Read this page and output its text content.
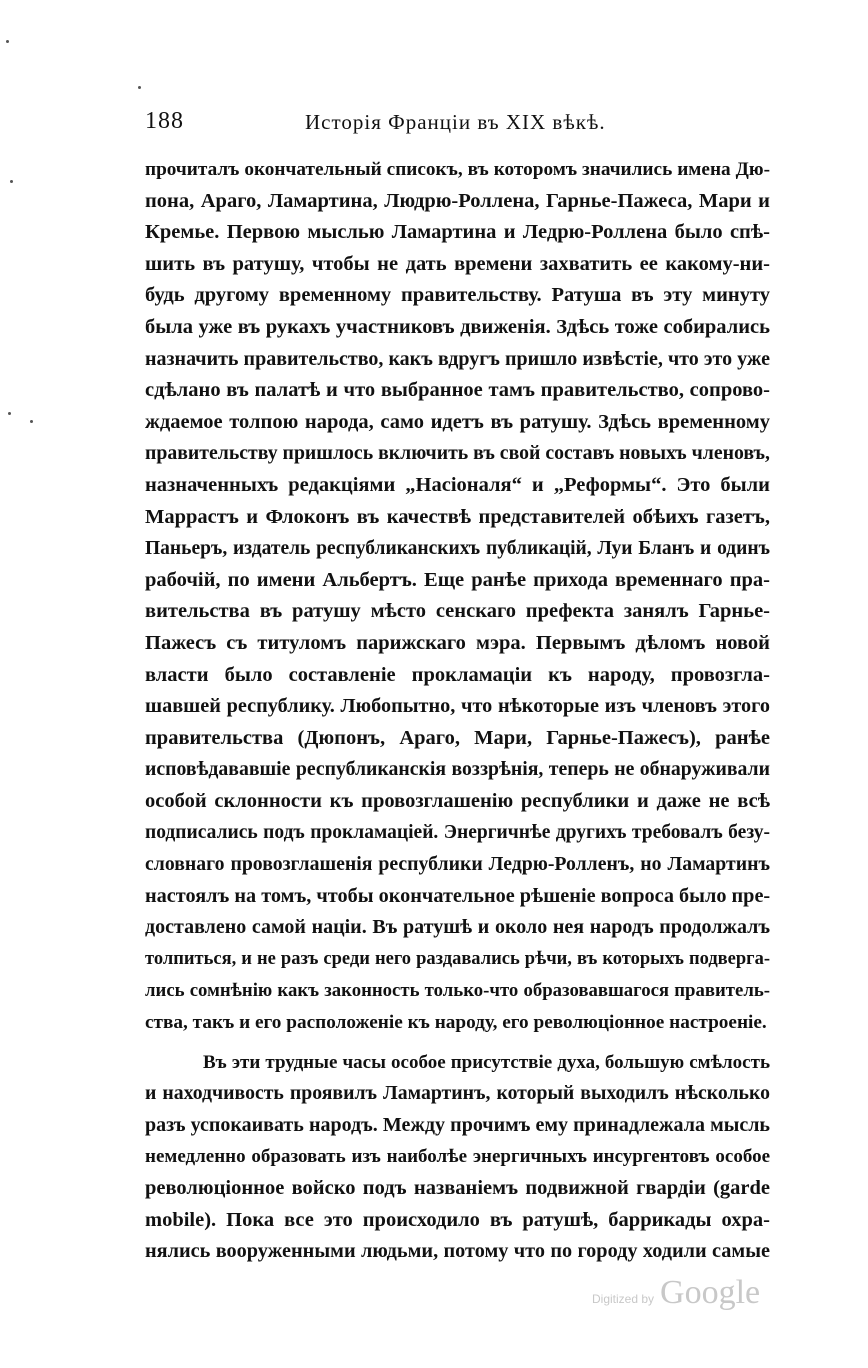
188	Исторія Франціи въ XIX вѣкѣ.
прочиталъ окончательный списокъ, въ которомъ значились имена Дю-
пона, Араго, Ламартина, Людрю-Роллена, Гарнье-Пажеса, Мари и
Кремье. Первою мыслью Ламартина и Ледрю-Роллена было спѣ-
шить въ ратушу, чтобы не дать времени захватить ее какому-ни-
будь другому временному правительству. Ратуша въ эту минуту
была уже въ рукахъ участниковъ движенія. Здѣсь тоже собирались
назначить правительство, какъ вдругъ пришло извѣстіе, что это уже
сдѣлано въ палатѣ и что выбранное тамъ правительство, сопрово-
ждаемое толпою народа, само идетъ въ ратушу. Здѣсь временному
правительству пришлось включить въ свой составъ новыхъ членовъ,
назначенныхъ редакціями „Насіоналя“ и „Реформы“. Это были
Маррастъ и Флоконъ въ качествѣ представителей обѣихъ газетъ,
Паньеръ, издатель республиканскихъ публикацій, Луи Бланъ и одинъ
рабочій, по имени Альбертъ. Еще ранѣе прихода временнаго пра-
вительства въ ратушу мѣсто сенскаго префекта занялъ Гарнье-
Пажесъ съ титуломъ парижскаго мэра. Первымъ дѣломъ новой
власти было составленіе прокламаціи къ народу, провозгла-
шавшей республику. Любопытно, что нѣкоторые изъ членовъ этого
правительства (Дюпонъ, Араго, Мари, Гарнье-Пажесъ), ранѣе
исповѣдававшіе республиканскія воззрѣнія, теперь не обнаруживали
особой склонности къ провозглашенію республики и даже не всѣ
подписались подъ прокламаціей. Энергичнѣе другихъ требовалъ безу-
словнаго провозглашенія республики Ледрю-Ролленъ, но Ламартинъ
настоялъ на томъ, чтобы окончательное рѣшеніе вопроса было пре-
доставлено самой націи. Въ ратушѣ и около нея народъ продолжалъ
толпиться, и не разъ среди него раздавались рѣчи, въ которыхъ подверга-
лись сомнѣнію какъ законность только-что образовавшагося правитель-
ства, такъ и его расположеніе къ народу, его революціонное настроеніе.
Въ эти трудные часы особое присутствіе духа, большую смѣлость
и находчивость проявилъ Ламартинъ, который выходилъ нѣсколько
разъ успокаивать народъ. Между прочимъ ему принадлежала мысль
немедленно образовать изъ наиболѣе энергичныхъ инсургентовъ особое
революціонное войско подъ названіемъ подвижной гвардіи (garde
mobile). Пока все это происходило въ ратушѣ, баррикады охра-
нялись вооруженными людьми, потому что по городу ходили самые
Digitized by Google
